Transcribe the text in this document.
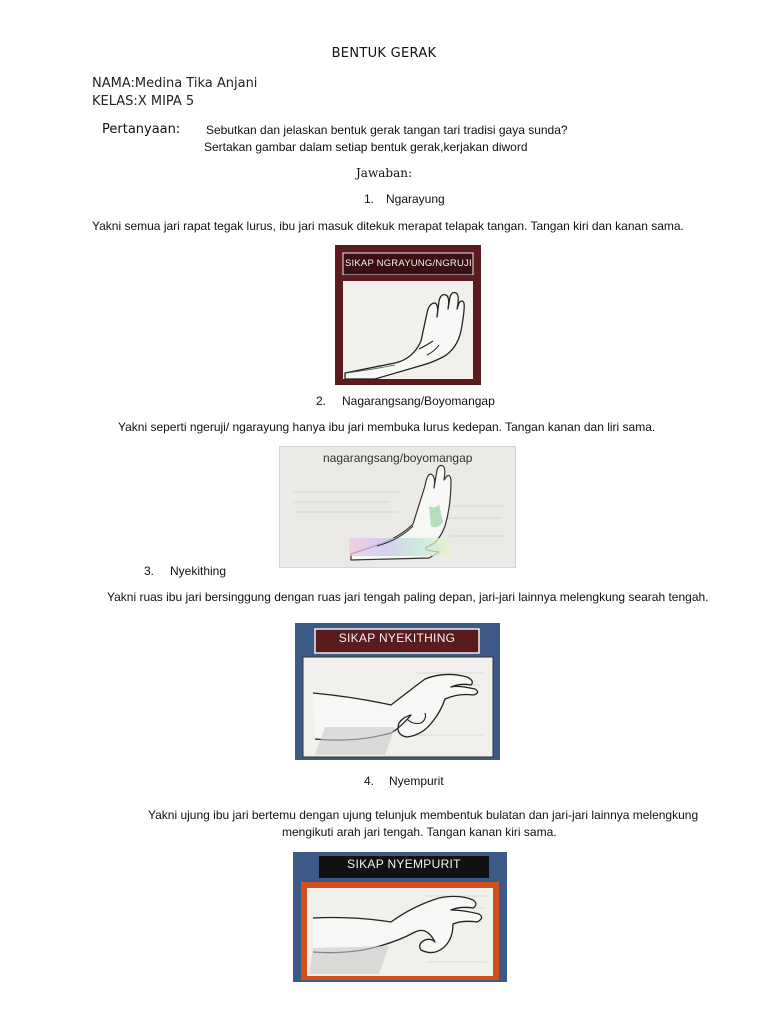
BENTUK GERAK
NAMA:Medina Tika Anjani
KELAS:X MIPA 5
Pertanyaan: Sebutkan dan jelaskan bentuk gerak tangan tari tradisi gaya sunda?
Sertakan gambar dalam setiap bentuk gerak,kerjakan diword
Jawaban:
1. Ngarayung
Yakni semua jari rapat tegak lurus, ibu jari masuk ditekuk merapat telapak tangan. Tangan kiri dan kanan sama.
SIKAP NGRAYUNG/NGRUJI
2. Nagarangsang/Boyomangap
Yakni seperti ngeruji/ ngarayung hanya ibu jari membuka lurus kedepan. Tangan kanan dan liri sama.
nagarangsang/boyomangap
3. Nyekithing
Yakni ruas ibu jari bersinggung dengan ruas jari tengah paling depan, jari-jari lainnya melengkung searah tengah.
SIKAP NYEKITHING
4. Nyempurit
Yakni ujung ibu jari bertemu dengan ujung telunjuk membentuk bulatan dan jari-jari lainnya melengkung
mengikuti arah jari tengah. Tangan kanan kiri sama.
SIKAP NYEMPURIT
